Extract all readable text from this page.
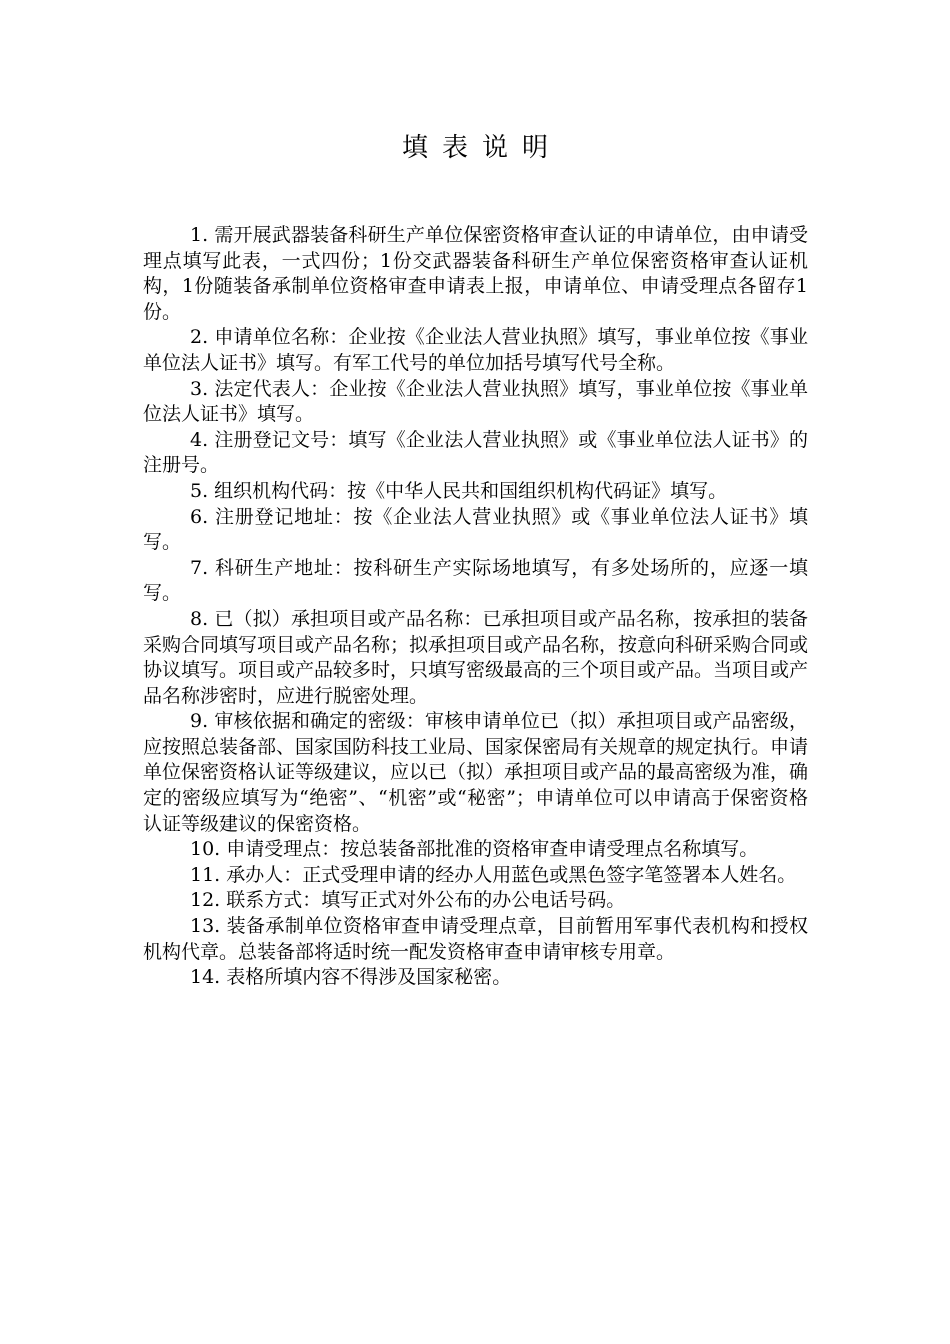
填表说明

1. 需开展武器装备科研生产单位保密资格审查认证的申请单位，由申请受理点填写此表，一式四份；1份交武器装备科研生产单位保密资格审查认证机构，1份随装备承制单位资格审查申请表上报，申请单位、申请受理点各留存1份。

2. 申请单位名称：企业按《企业法人营业执照》填写，事业单位按《事业单位法人证书》填写。有军工代号的单位加括号填写代号全称。

3. 法定代表人：企业按《企业法人营业执照》填写，事业单位按《事业单位法人证书》填写。

4. 注册登记文号：填写《企业法人营业执照》或《事业单位法人证书》的注册号。

5. 组织机构代码：按《中华人民共和国组织机构代码证》填写。

6. 注册登记地址：按《企业法人营业执照》或《事业单位法人证书》填写。

7. 科研生产地址：按科研生产实际场地填写，有多处场所的，应逐一填写。

8. 已（拟）承担项目或产品名称：已承担项目或产品名称，按承担的装备采购合同填写项目或产品名称；拟承担项目或产品名称，按意向科研采购合同或协议填写。项目或产品较多时，只填写密级最高的三个项目或产品。当项目或产品名称涉密时，应进行脱密处理。

9. 审核依据和确定的密级：审核申请单位已（拟）承担项目或产品密级，应按照总装备部、国家国防科技工业局、国家保密局有关规章的规定执行。申请单位保密资格认证等级建议，应以已（拟）承担项目或产品的最高密级为准，确定的密级应填写为“绝密”、“机密”或“秘密”；申请单位可以申请高于保密资格认证等级建议的保密资格。

10. 申请受理点：按总装备部批准的资格审查申请受理点名称填写。

11. 承办人：正式受理申请的经办人用蓝色或黑色签字笔签署本人姓名。

12. 联系方式：填写正式对外公布的办公电话号码。

13. 装备承制单位资格审查申请受理点章，目前暂用军事代表机构和授权机构代章。总装备部将适时统一配发资格审查申请审核专用章。

14. 表格所填内容不得涉及国家秘密。
